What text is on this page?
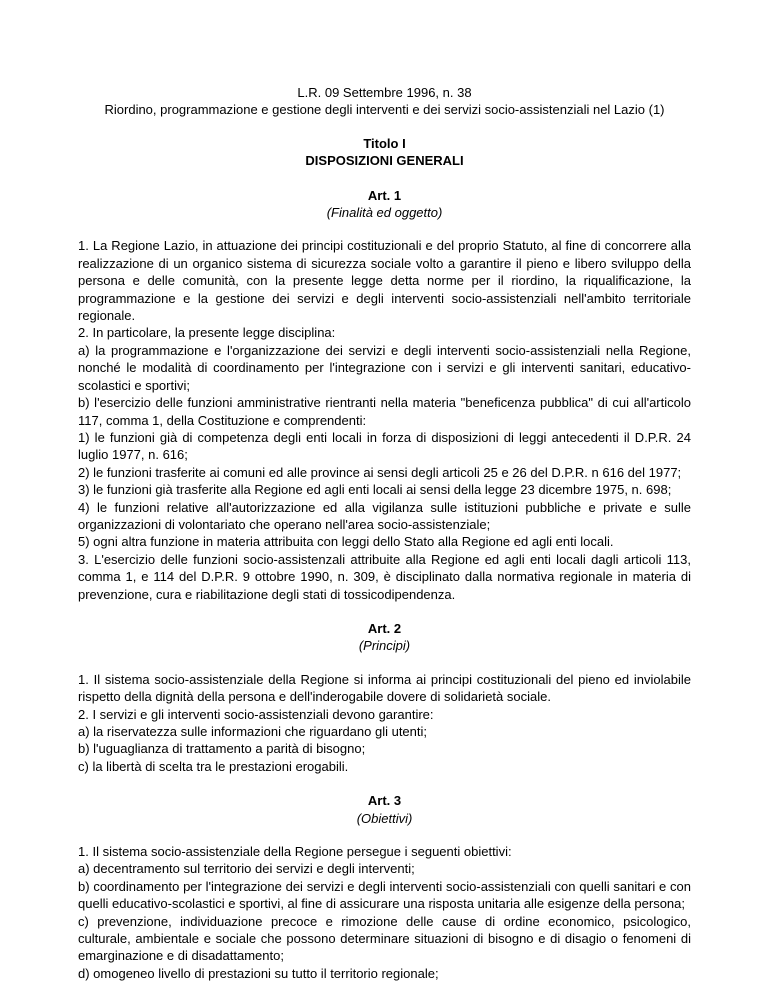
L.R. 09 Settembre 1996, n. 38
Riordino, programmazione e gestione degli interventi e dei servizi socio-assistenziali nel Lazio (1)
Titolo I
DISPOSIZIONI GENERALI
Art. 1
(Finalità ed oggetto)

1. La Regione Lazio, in attuazione dei principi costituzionali e del proprio Statuto, al fine di concorrere alla realizzazione di un organico sistema di sicurezza sociale volto a garantire il pieno e libero sviluppo della persona e delle comunità, con la presente legge detta norme per il riordino, la riqualificazione, la programmazione e la gestione dei servizi e degli interventi socio-assistenziali nell'ambito territoriale regionale.

2. In particolare, la presente legge disciplina:

a) la programmazione e l'organizzazione dei servizi e degli interventi socio-assistenziali nella Regione, nonché le modalità di coordinamento per l'integrazione con i servizi e gli interventi sanitari, educativo-scolastici e sportivi;

b) l'esercizio delle funzioni amministrative rientranti nella materia "beneficenza pubblica" di cui all'articolo 117, comma 1, della Costituzione e comprendenti:

1) le funzioni già di competenza degli enti locali in forza di disposizioni di leggi antecedenti il D.P.R. 24 luglio 1977, n. 616;

2) le funzioni trasferite ai comuni ed alle province ai sensi degli articoli 25 e 26 del D.P.R. n 616 del 1977;

3) le funzioni già trasferite alla Regione ed agli enti locali ai sensi della legge 23 dicembre 1975, n. 698;

4) le funzioni relative all'autorizzazione ed alla vigilanza sulle istituzioni pubbliche e private e sulle organizzazioni di volontariato che operano nell'area socio-assistenziale;

5) ogni altra funzione in materia attribuita con leggi dello Stato alla Regione ed agli enti locali.

3. L'esercizio delle funzioni socio-assistenzali attribuite alla Regione ed agli enti locali dagli articoli 113, comma 1, e 114 del D.P.R. 9 ottobre 1990, n. 309, è disciplinato dalla normativa regionale in materia di prevenzione, cura e riabilitazione degli stati di tossicodipendenza.

Art. 2
(Principi)

1. Il sistema socio-assistenziale della Regione si informa ai principi costituzionali del pieno ed inviolabile rispetto della dignità della persona e dell'inderogabile dovere di solidarietà sociale.

2. I servizi e gli interventi socio-assistenziali devono garantire:

a) la riservatezza sulle informazioni che riguardano gli utenti;

b) l'uguaglianza di trattamento a parità di bisogno;

c) la libertà di scelta tra le prestazioni erogabili.

Art. 3
(Obiettivi)

1. Il sistema socio-assistenziale della Regione persegue i seguenti obiettivi:

a) decentramento sul territorio dei servizi e degli interventi;

b) coordinamento per l'integrazione dei servizi e degli interventi socio-assistenziali con quelli sanitari e con quelli educativo-scolastici e sportivi, al fine di assicurare una risposta unitaria alle esigenze della persona;

c) prevenzione, individuazione precoce e rimozione delle cause di ordine economico, psicologico, culturale, ambientale e sociale che possono determinare situazioni di bisogno e di disagio o fenomeni di emarginazione e di disadattamento;

d) omogeneo livello di prestazioni su tutto il territorio regionale;
